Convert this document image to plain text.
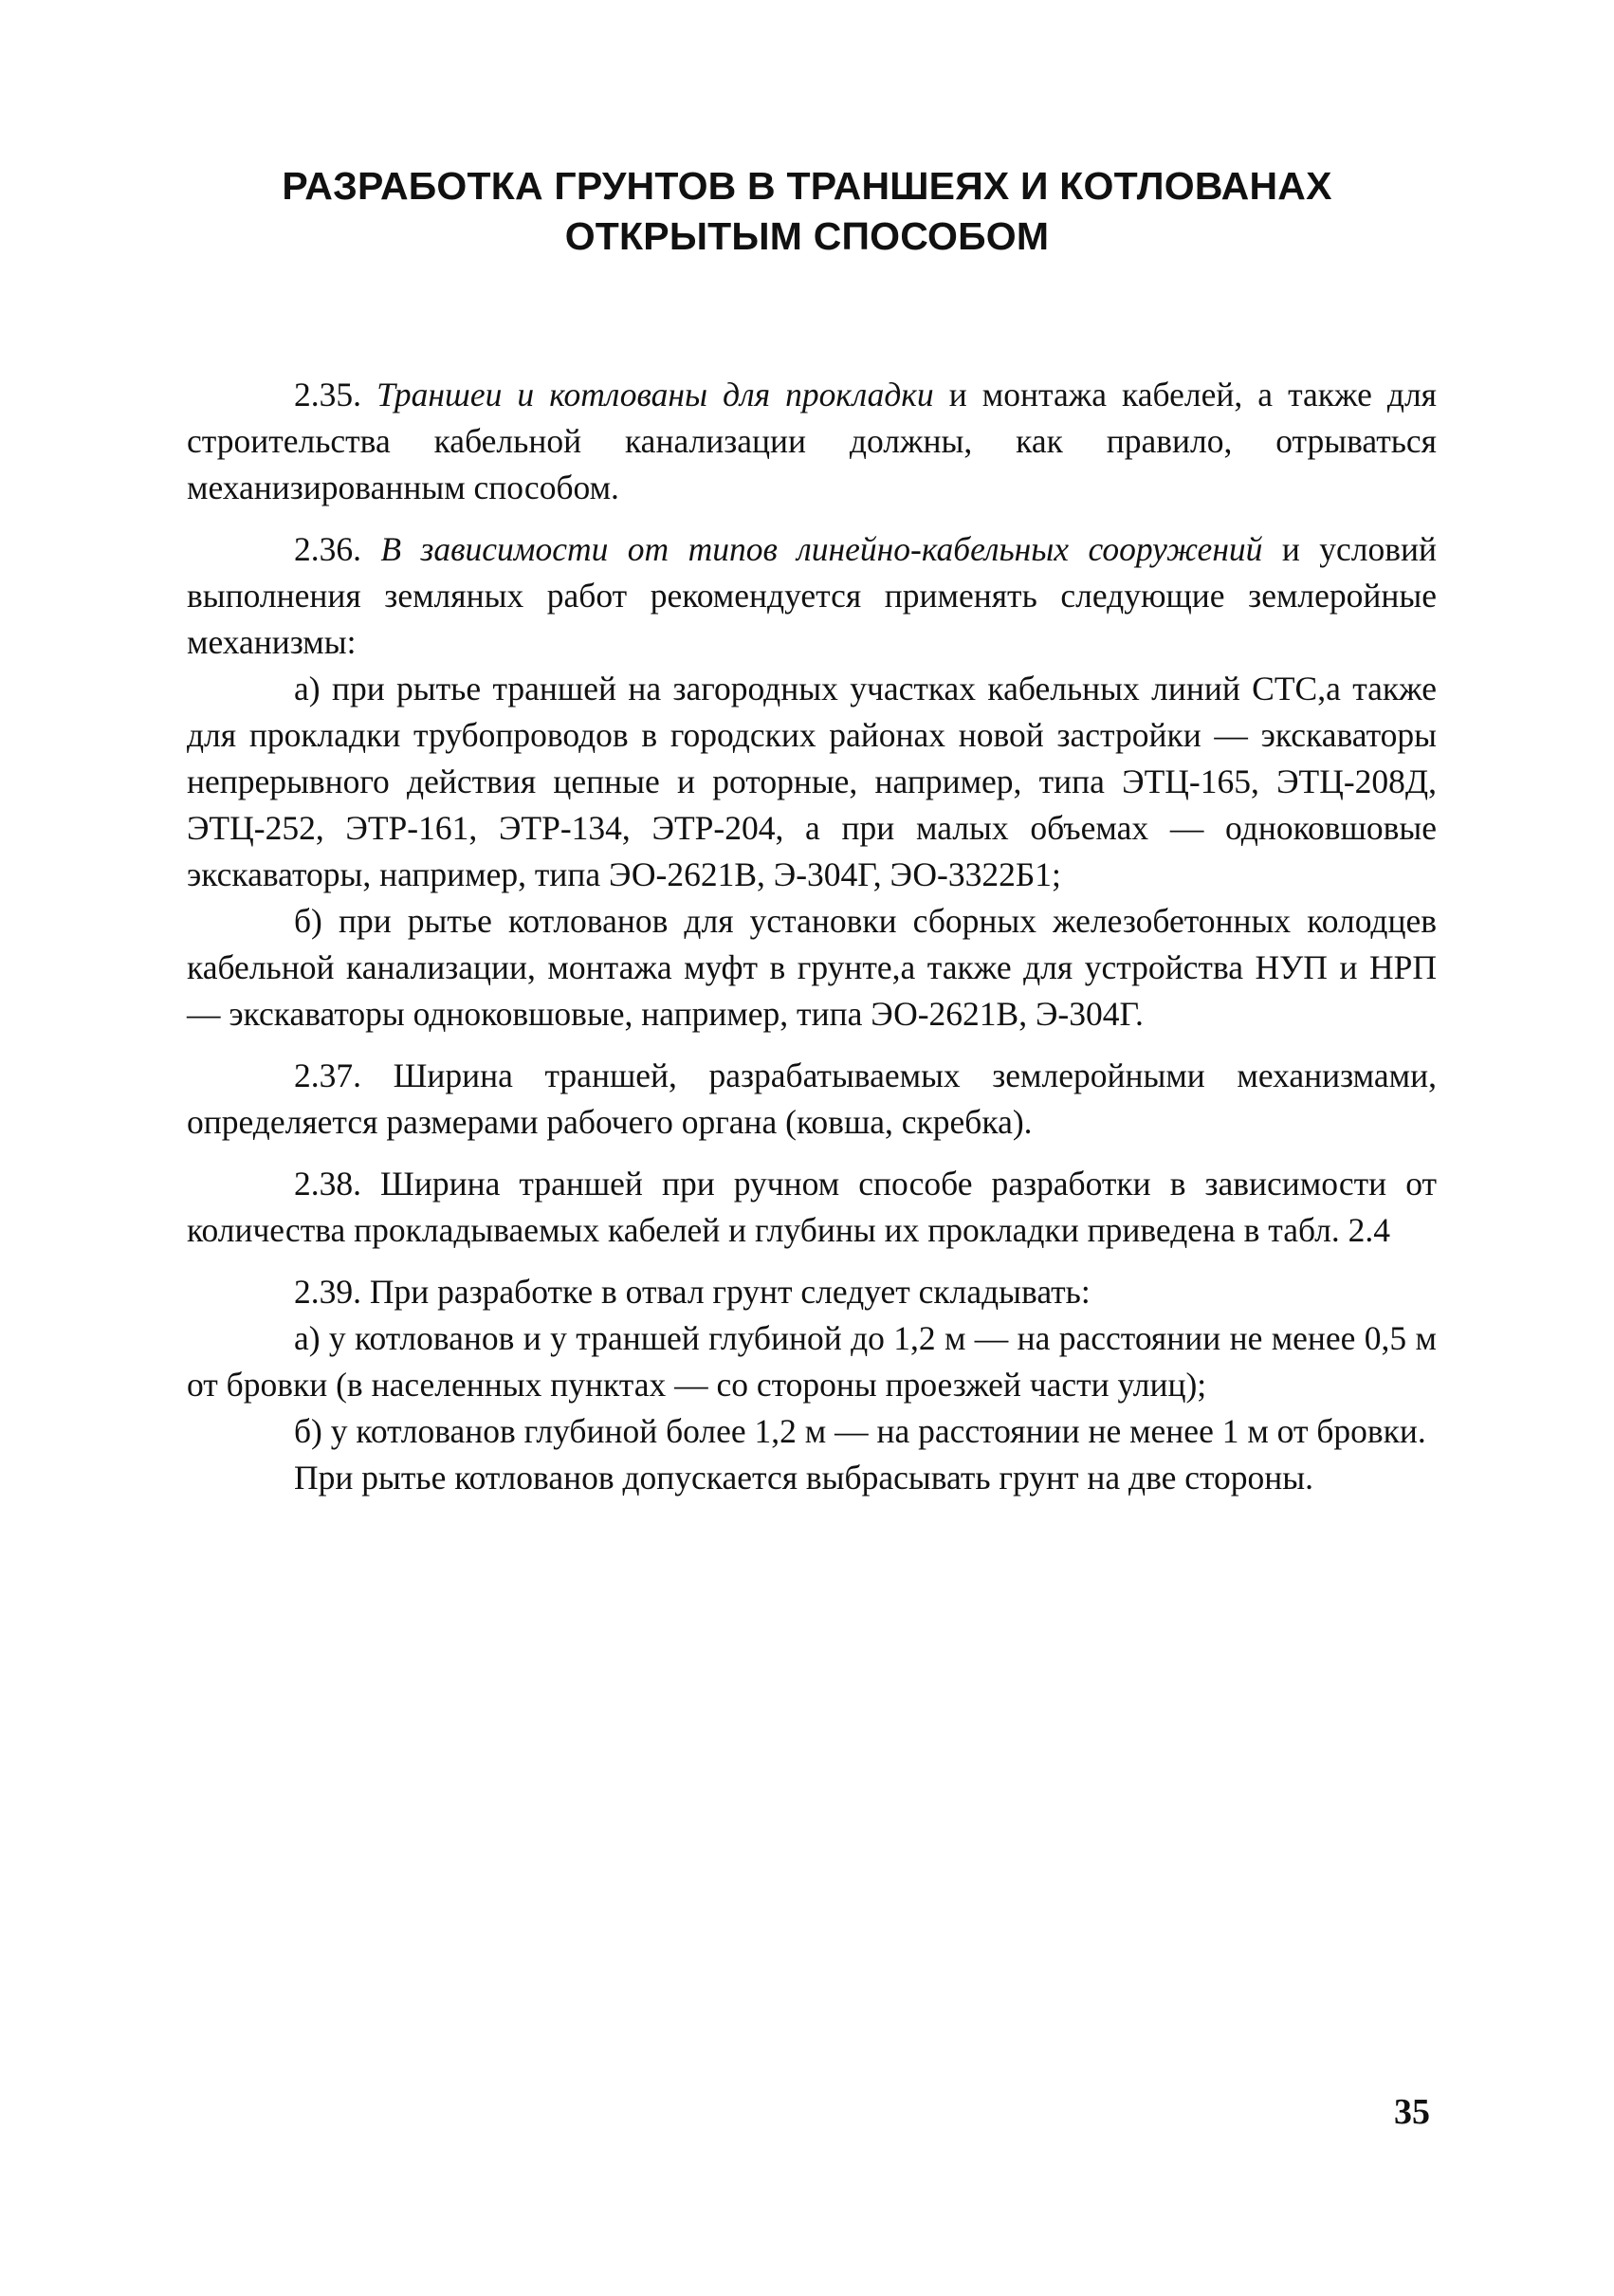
РАЗРАБОТКА ГРУНТОВ В ТРАНШЕЯХ И КОТЛОВАНАХ
ОТКРЫТЫМ СПОСОБОМ

2.35. Траншеи и котлованы для прокладки и монтажа кабелей, а также для строительства кабельной канализации должны, как правило, отрываться механизированным способом.

2.36. В зависимости от типов линейно-кабельных сооружений и условий выполнения земляных работ рекомендуется применять следующие землеройные механизмы:

а) при рытье траншей на загородных участках кабельных линий СТС,а также для прокладки трубопроводов в городских районах новой застройки — экскаваторы непрерывного действия цепные и роторные, например, типа ЭТЦ-165, ЭТЦ-208Д, ЭТЦ-252, ЭТР-161, ЭТР-134, ЭТР-204, а при малых объемах — одноковшовые экскаваторы, например, типа ЭО-2621В, Э-304Г, ЭО-3322Б1;

б) при рытье котлованов для установки сборных железобетонных колодцев кабельной канализации, монтажа муфт в грунте,а также для устройства НУП и НРП — экскаваторы одноковшовые, например, типа ЭО-2621В, Э-304Г.

2.37. Ширина траншей, разрабатываемых землеройными механизмами, определяется размерами рабочего органа (ковша, скребка).

2.38. Ширина траншей при ручном способе разработки в зависимости от количества прокладываемых кабелей и глубины их прокладки приведена в табл. 2.4

2.39. При разработке в отвал грунт следует складывать:

а) у котлованов и у траншей глубиной до 1,2 м — на расстоянии не менее 0,5 м от бровки (в населенных пунктах — со стороны проезжей части улиц);

б) у котлованов глубиной более 1,2 м — на расстоянии не менее 1 м от бровки.

При рытье котлованов допускается выбрасывать грунт на две стороны.

35
